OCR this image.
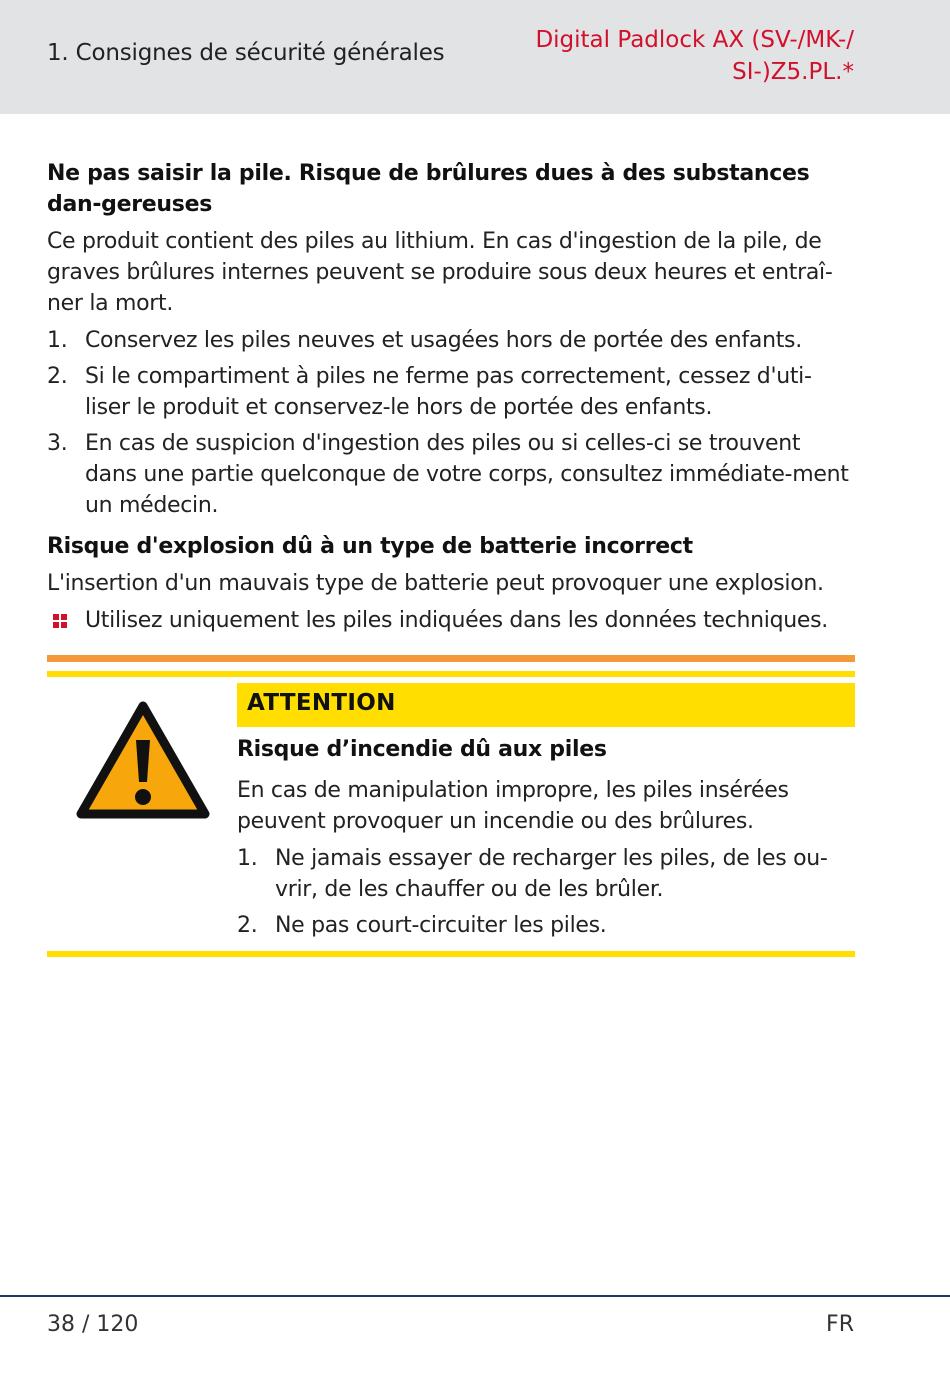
1. Consignes de sécurité générales	Digital Padlock AX (SV-/MK-/
SI-)Z5.PL.*
Ne pas saisir la pile. Risque de brûlures dues à des substances dan-gereuses
Ce produit contient des piles au lithium. En cas d'ingestion de la pile, de graves brûlures internes peuvent se produire sous deux heures et entraî-ner la mort.
1. Conservez les piles neuves et usagées hors de portée des enfants.
2. Si le compartiment à piles ne ferme pas correctement, cessez d'uti-liser le produit et conservez-le hors de portée des enfants.
3. En cas de suspicion d'ingestion des piles ou si celles-ci se trouvent dans une partie quelconque de votre corps, consultez immédiate-ment un médecin.
Risque d'explosion dû à un type de batterie incorrect
L'insertion d'un mauvais type de batterie peut provoquer une explosion.
Utilisez uniquement les piles indiquées dans les données techniques.
ATTENTION
Risque d’incendie dû aux piles
En cas de manipulation impropre, les piles insérées peuvent provoquer un incendie ou des brûlures.
1. Ne jamais essayer de recharger les piles, de les ou-vrir, de les chauffer ou de les brûler.
2. Ne pas court-circuiter les piles.
38 / 120	FR
